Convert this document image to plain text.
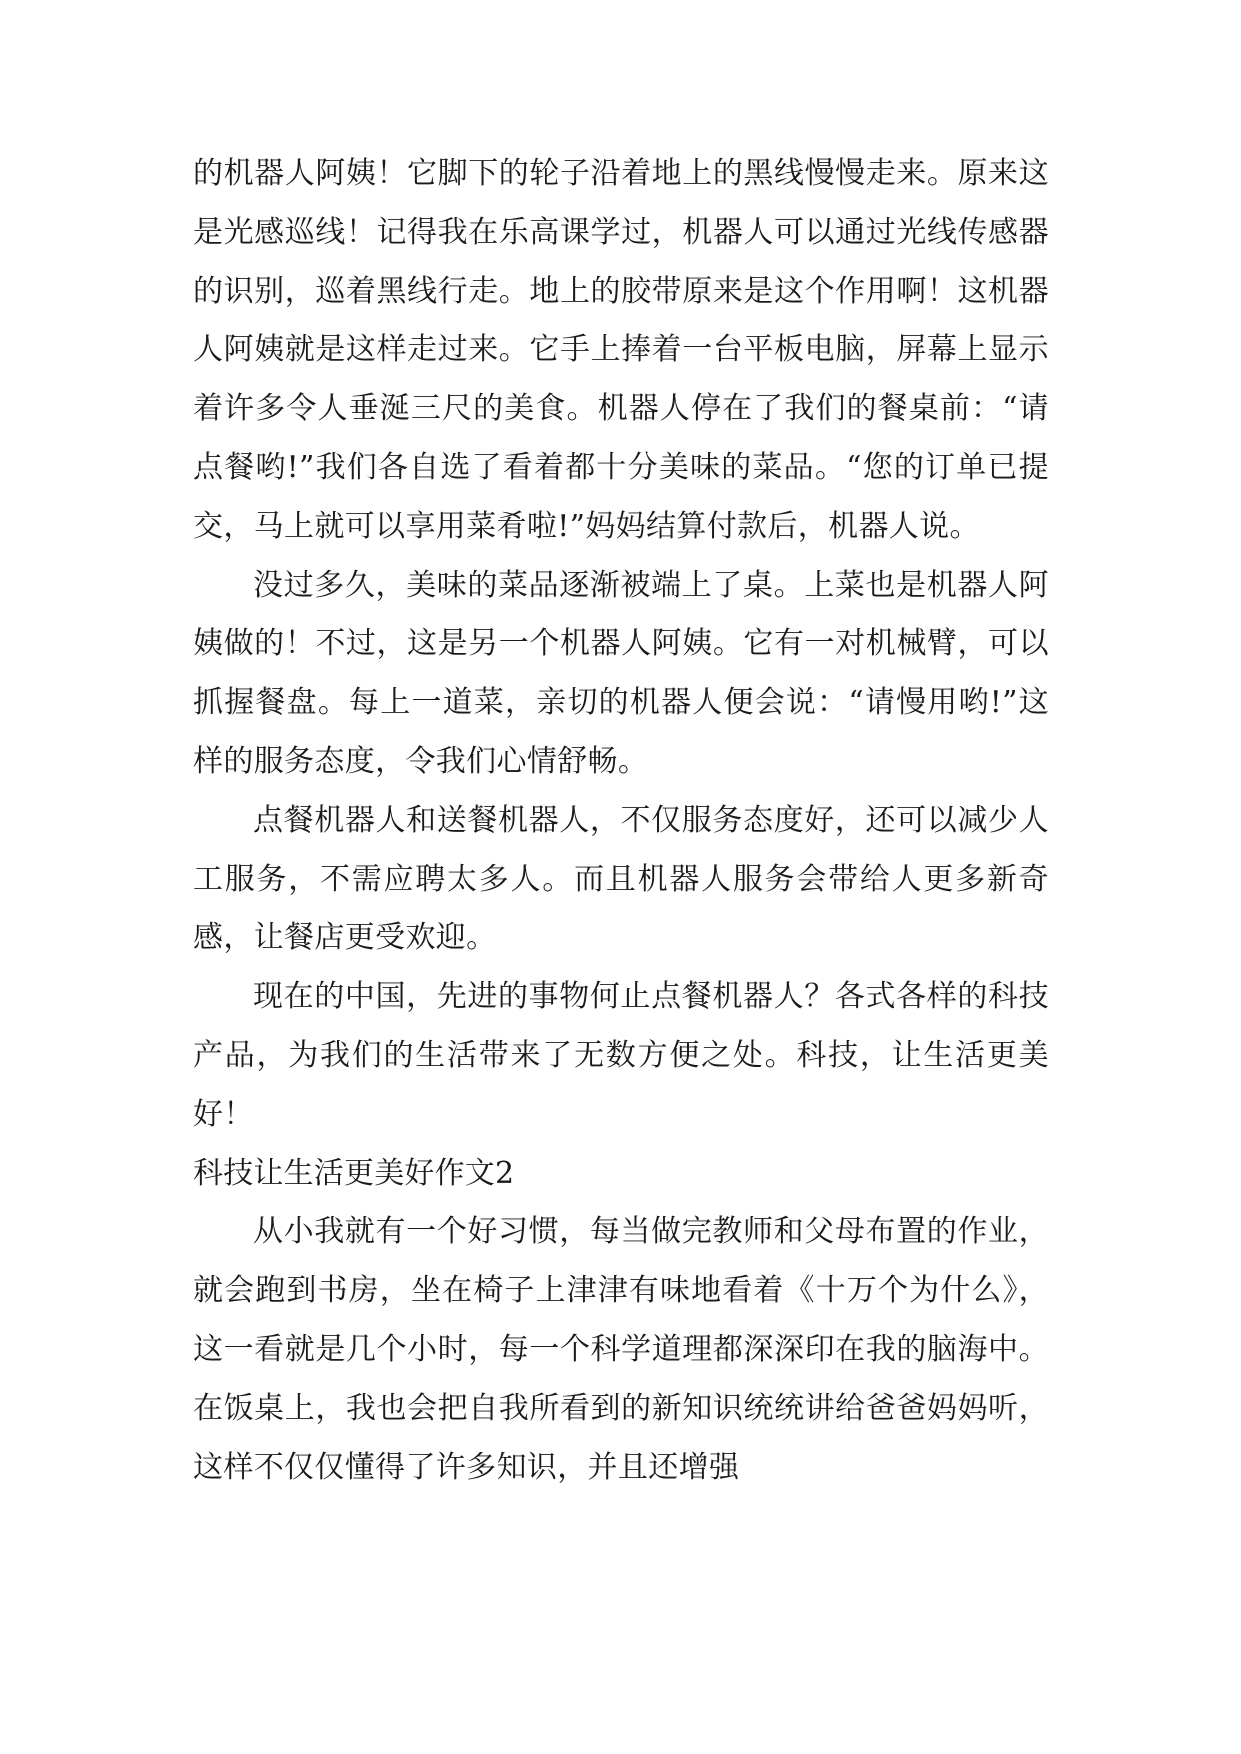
的机器人阿姨！它脚下的轮子沿着地上的黑线慢慢走来。原来这是光感巡线！记得我在乐高课学过，机器人可以通过光线传感器的识别，巡着黑线行走。地上的胶带原来是这个作用啊！这机器人阿姨就是这样走过来。它手上捧着一台平板电脑，屏幕上显示着许多令人垂涎三尺的美食。机器人停在了我们的餐桌前：“请点餐哟!”我们各自选了看着都十分美味的菜品。“您的订单已提交，马上就可以享用菜肴啦!”妈妈结算付款后，机器人说。

没过多久，美味的菜品逐渐被端上了桌。上菜也是机器人阿姨做的！不过，这是另一个机器人阿姨。它有一对机械臂，可以抓握餐盘。每上一道菜，亲切的机器人便会说：“请慢用哟!”这样的服务态度，令我们心情舒畅。

点餐机器人和送餐机器人，不仅服务态度好，还可以减少人工服务，不需应聘太多人。而且机器人服务会带给人更多新奇感，让餐店更受欢迎。

现在的中国，先进的事物何止点餐机器人？各式各样的科技产品，为我们的生活带来了无数方便之处。科技，让生活更美好！

科技让生活更美好作文2

从小我就有一个好习惯，每当做完教师和父母布置的作业，就会跑到书房，坐在椅子上津津有味地看着《十万个为什么》，这一看就是几个小时，每一个科学道理都深深印在我的脑海中。在饭桌上，我也会把自我所看到的新知识统统讲给爸爸妈妈听，这样不仅仅懂得了许多知识，并且还增强
